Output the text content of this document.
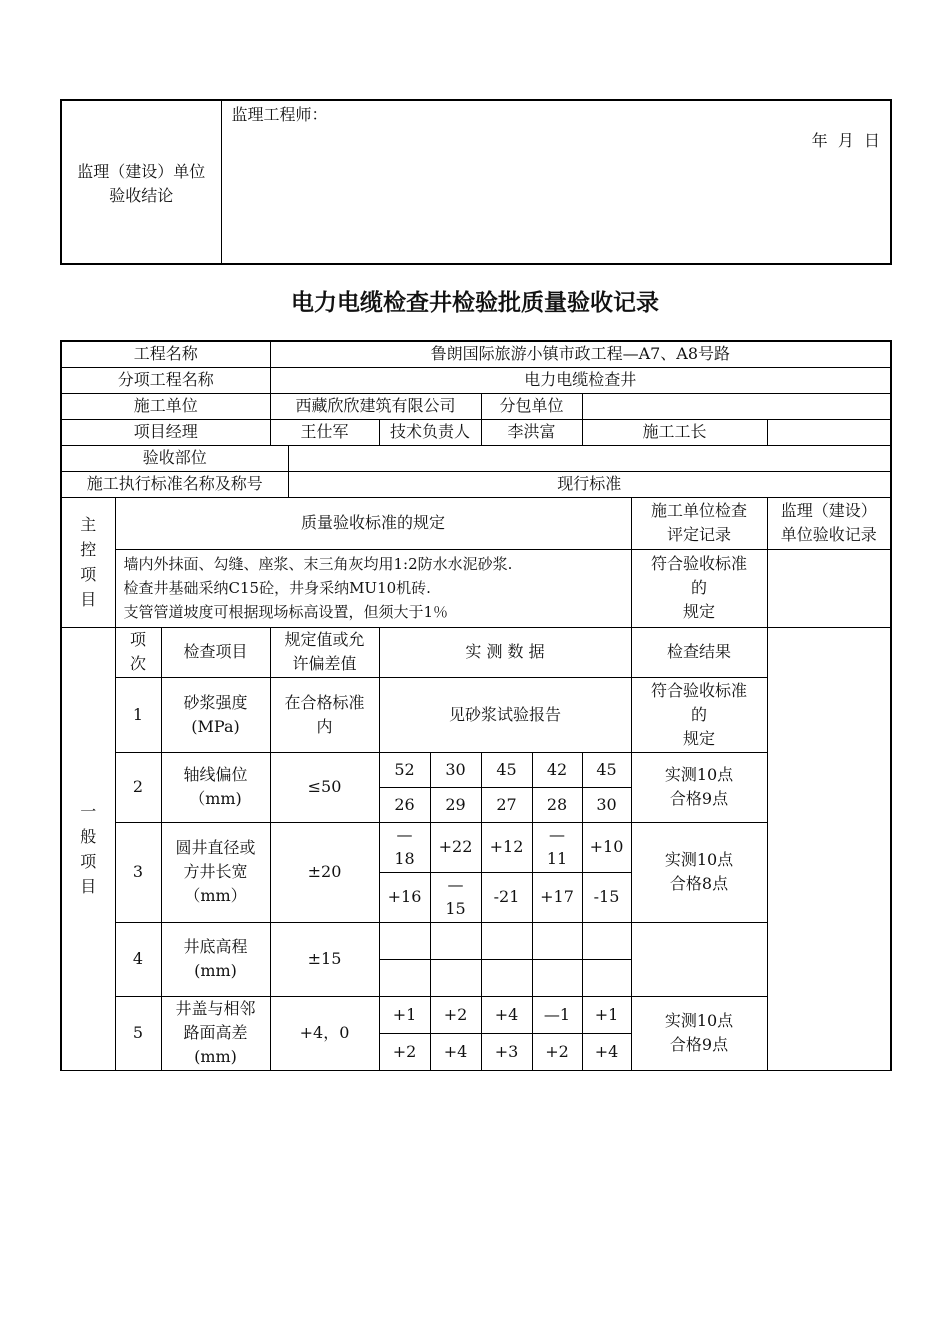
监理（建设）单位
验收结论	
监理工程师：
年  月  日
电力电缆检查井检验批质量验收记录
工程名称			鲁朗国际旅游小镇市政工程—A7、A8号路								
分项工程名称			电力电缆检查井								
施工单位			西藏欣欣建筑有限公司				分包单位				
项目经理			王仕军		技术负责人		李洪富		施工工长		
验收部位											
施工执行标准名称及称号				现行标准							

主控项目	质量验收标准的规定									施工单位检查
评定记录	监理（建设）
单位验收记录
	墙内外抹面、勾缝、座浆、末三角灰均用1:2防水水泥砂浆.
检查井基础采纳C15砼，井身采纳MU10机砖.
支管管道坡度可根据现场标高设置，但须大于1％									符合验收标准
的
规定	

一般项目	项
次	检查项目	规定值或允
许偏差值		实 测 数 据					检查结果	
	1	砂浆强度
(MPa)	在合格标准
内		见砂浆试验报告					符合验收标准
的
规定	
	2	轴线偏位
（mm)	≤50		52	30	45	42	45	实测10点
合格9点	
					26	29	27	28	30		
	3	圆井直径或
方井长宽
（mm）	±20		—
18	+22	+12	—
11	+10	实测10点
合格8点	
					+16	—
15	-21	+17	-15		
	4	井底高程
(mm)	±15								

	5	井盖与相邻
路面高差
(mm)	+4，0		+1	+2	+4	—1	+1	实测10点
合格9点	
					+2	+4	+3	+2	+4		
